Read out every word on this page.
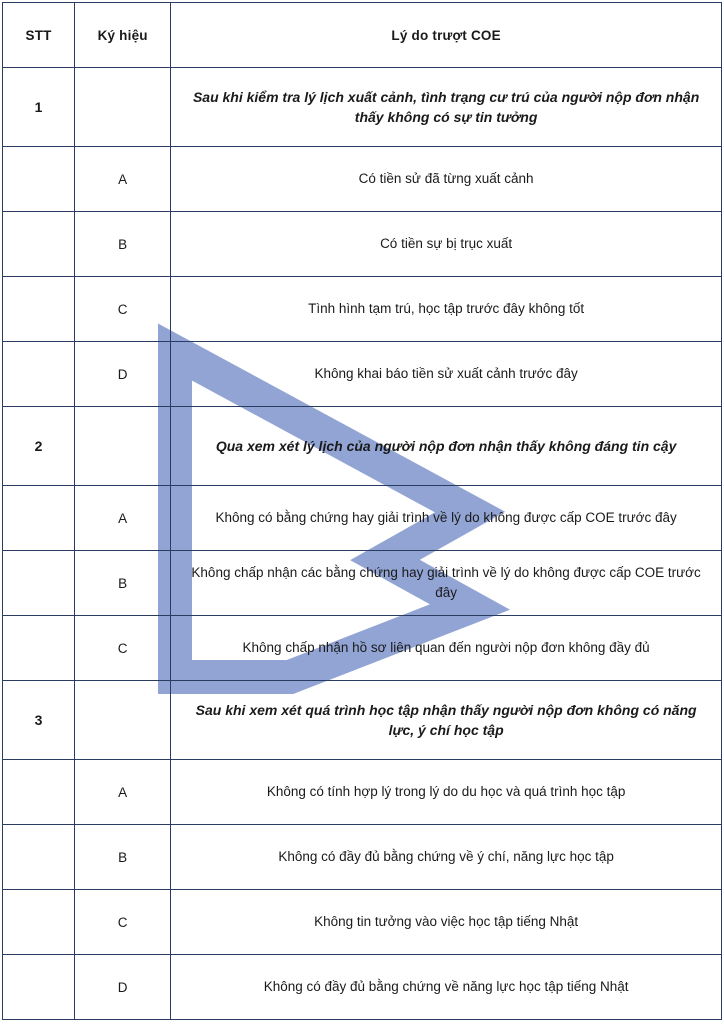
STT	Ký hiệu	Lý do trượt COE
1		Sau khi kiểm tra lý lịch xuất cảnh, tình trạng cư trú của người nộp đơn nhận thấy không có sự tin tưởng
	A	Có tiền sử đã từng xuất cảnh
	B	Có tiền sự bị trục xuất
	C	Tình hình tạm trú, học tập trước đây không tốt
	D	Không khai báo tiền sử xuất cảnh trước đây
2		Qua xem xét lý lịch của người nộp đơn nhận thấy không đáng tin cậy
	A	Không có bằng chứng hay giải trình về lý do không được cấp COE trước đây
	B	Không chấp nhận các bằng chứng hay giải trình về lý do không được cấp COE trước đây
	C	Không chấp nhận hồ sơ liên quan đến người nộp đơn không đầy đủ
3		Sau khi xem xét quá trình học tập nhận thấy người nộp đơn không có năng lực, ý chí học tập
	A	Không có tính hợp lý trong lý do du học và quá trình học tập
	B	Không có đầy đủ bằng chứng về ý chí, năng lực học tập
	C	Không tin tưởng vào việc học tập tiếng Nhật
	D	Không có đầy đủ bằng chứng về năng lực học tập tiếng Nhật
